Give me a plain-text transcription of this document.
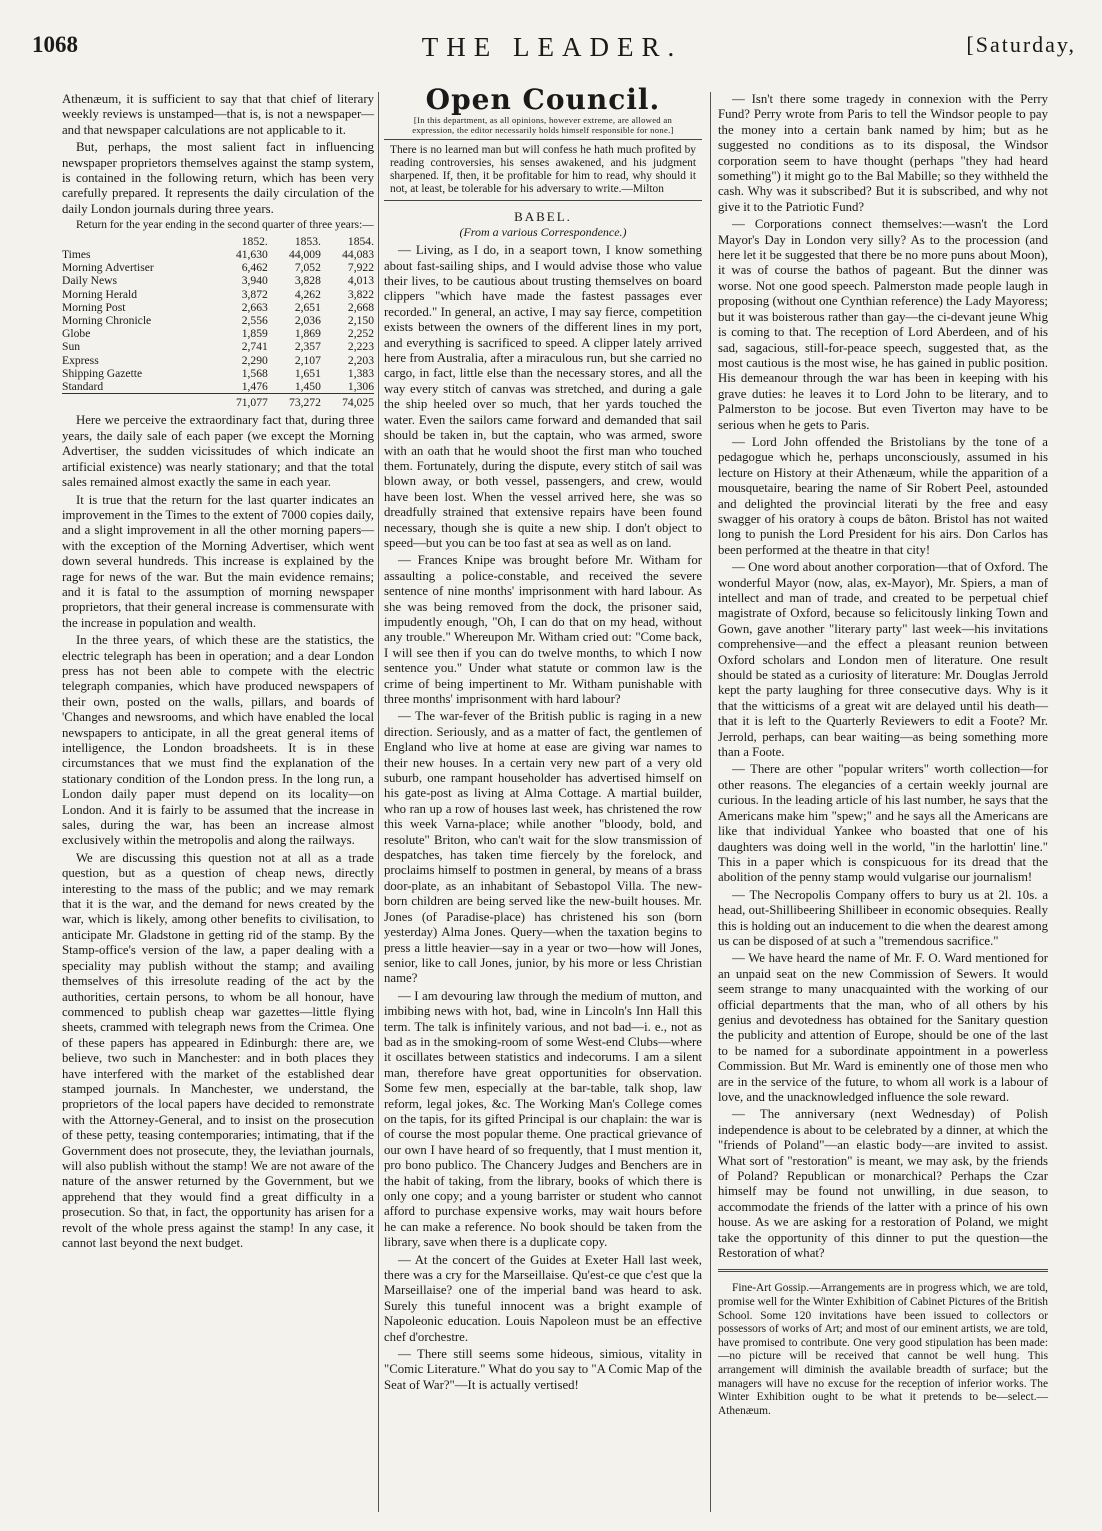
1068	THE LEADER.	[Saturday,

Athenæum, it is sufficient to say that that chief of literary weekly reviews is unstamped—that is, is not a newspaper—and that newspaper calculations are not applicable to it.

But, perhaps, the most salient fact in influencing newspaper proprietors themselves against the stamp system, is contained in the following return, which has been very carefully prepared. It represents the daily circulation of the daily London journals during three years.

Return for the year ending in the second quarter of three years:—

	1852.	1853.	1854.
Times	41,630	44,009	44,083
Morning Advertiser	6,462	7,052	7,922
Daily News	3,940	3,828	4,013
Morning Herald	3,872	4,262	3,822
Morning Post	2,663	2,651	2,668
Morning Chronicle	2,556	2,036	2,150
Globe	1,859	1,869	2,252
Sun	2,741	2,357	2,223
Express	2,290	2,107	2,203
Shipping Gazette	1,568	1,651	1,383
Standard	1,476	1,450	1,306
	71,077	73,272	74,025

Here we perceive the extraordinary fact that, during three years, the daily sale of each paper (we except the Morning Advertiser, the sudden vicissitudes of which indicate an artificial existence) was nearly stationary; and that the total sales remained almost exactly the same in each year.

It is true that the return for the last quarter indicates an improvement in the Times to the extent of 7000 copies daily, and a slight improvement in all the other morning papers—with the exception of the Morning Advertiser, which went down several hundreds. This increase is explained by the rage for news of the war. But the main evidence remains; and it is fatal to the assumption of morning newspaper proprietors, that their general increase is commensurate with the increase in population and wealth.

In the three years, of which these are the statistics, the electric telegraph has been in operation; and a dear London press has not been able to compete with the electric telegraph companies, which have produced newspapers of their own, posted on the walls, pillars, and boards of 'Changes and newsrooms, and which have enabled the local newspapers to anticipate, in all the great general items of intelligence, the London broadsheets. It is in these circumstances that we must find the explanation of the stationary condition of the London press. In the long run, a London daily paper must depend on its locality—on London. And it is fairly to be assumed that the increase in sales, during the war, has been an increase almost exclusively within the metropolis and along the railways.

We are discussing this question not at all as a trade question, but as a question of cheap news, directly interesting to the mass of the public; and we may remark that it is the war, and the demand for news created by the war, which is likely, among other benefits to civilisation, to anticipate Mr. Gladstone in getting rid of the stamp. By the Stamp-office's version of the law, a paper dealing with a speciality may publish without the stamp; and availing themselves of this irresolute reading of the act by the authorities, certain persons, to whom be all honour, have commenced to publish cheap war gazettes—little flying sheets, crammed with telegraph news from the Crimea. One of these papers has appeared in Edinburgh: there are, we believe, two such in Manchester: and in both places they have interfered with the market of the established dear stamped journals. In Manchester, we understand, the proprietors of the local papers have decided to remonstrate with the Attorney-General, and to insist on the prosecution of these petty, teasing contemporaries; intimating, that if the Government does not prosecute, they, the leviathan journals, will also publish without the stamp! We are not aware of the nature of the answer returned by the Government, but we apprehend that they would find a great difficulty in a prosecution. So that, in fact, the opportunity has arisen for a revolt of the whole press against the stamp! In any case, it cannot last beyond the next budget.

Open Council.
[In this department, as all opinions, however extreme, are allowed an expression, the editor necessarily holds himself responsible for none.]
There is no learned man but will confess he hath much profited by reading controversies, his senses awakened, and his judgment sharpened. If, then, it be profitable for him to read, why should it not, at least, be tolerable for his adversary to write.—Milton
BABEL.
(From a various Correspondence.)

— Living, as I do, in a seaport town, I know something about fast-sailing ships, and I would advise those who value their lives, to be cautious about trusting themselves on board clippers "which have made the fastest passages ever recorded." In general, an active, I may say fierce, competition exists between the owners of the different lines in my port, and everything is sacrificed to speed. A clipper lately arrived here from Australia, after a miraculous run, but she carried no cargo, in fact, little else than the necessary stores, and all the way every stitch of canvas was stretched, and during a gale the ship heeled over so much, that her yards touched the water. Even the sailors came forward and demanded that sail should be taken in, but the captain, who was armed, swore with an oath that he would shoot the first man who touched them. Fortunately, during the dispute, every stitch of sail was blown away, or both vessel, passengers, and crew, would have been lost. When the vessel arrived here, she was so dreadfully strained that extensive repairs have been found necessary, though she is quite a new ship. I don't object to speed—but you can be too fast at sea as well as on land.

— Frances Knipe was brought before Mr. Witham for assaulting a police-constable, and received the severe sentence of nine months' imprisonment with hard labour. As she was being removed from the dock, the prisoner said, impudently enough, "Oh, I can do that on my head, without any trouble." Whereupon Mr. Witham cried out: "Come back, I will see then if you can do twelve months, to which I now sentence you." Under what statute or common law is the crime of being impertinent to Mr. Witham punishable with three months' imprisonment with hard labour?

— The war-fever of the British public is raging in a new direction. Seriously, and as a matter of fact, the gentlemen of England who live at home at ease are giving war names to their new houses. In a certain very new part of a very old suburb, one rampant householder has advertised himself on his gate-post as living at Alma Cottage. A martial builder, who ran up a row of houses last week, has christened the row this week Varna-place; while another "bloody, bold, and resolute" Briton, who can't wait for the slow transmission of despatches, has taken time fiercely by the forelock, and proclaims himself to postmen in general, by means of a brass door-plate, as an inhabitant of Sebastopol Villa. The new-born children are being served like the new-built houses. Mr. Jones (of Paradise-place) has christened his son (born yesterday) Alma Jones. Query—when the taxation begins to press a little heavier—say in a year or two—how will Jones, senior, like to call Jones, junior, by his more or less Christian name?

— I am devouring law through the medium of mutton, and imbibing news with hot, bad, wine in Lincoln's Inn Hall this term. The talk is infinitely various, and not bad—i. e., not as bad as in the smoking-room of some West-end Clubs—where it oscillates between statistics and indecorums. I am a silent man, therefore have great opportunities for observation. Some few men, especially at the bar-table, talk shop, law reform, legal jokes, &c. The Working Man's College comes on the tapis, for its gifted Principal is our chaplain: the war is of course the most popular theme. One practical grievance of our own I have heard of so frequently, that I must mention it, pro bono publico. The Chancery Judges and Benchers are in the habit of taking, from the library, books of which there is only one copy; and a young barrister or student who cannot afford to purchase expensive works, may wait hours before he can make a reference. No book should be taken from the library, save when there is a duplicate copy.

— At the concert of the Guides at Exeter Hall last week, there was a cry for the Marseillaise. Qu'est-ce que c'est que la Marseillaise? one of the imperial band was heard to ask. Surely this tuneful innocent was a bright example of Napoleonic education. Louis Napoleon must be an effective chef d'orchestre.

— There still seems some hideous, simious, vitality in "Comic Literature." What do you say to "A Comic Map of the Seat of War?"—It is actually vertised!

— Isn't there some tragedy in connexion with the Perry Fund? Perry wrote from Paris to tell the Windsor people to pay the money into a certain bank named by him; but as he suggested no conditions as to its disposal, the Windsor corporation seem to have thought (perhaps "they had heard something") it might go to the Bal Mabille; so they withheld the cash. Why was it subscribed? But it is subscribed, and why not give it to the Patriotic Fund?

— Corporations connect themselves:—wasn't the Lord Mayor's Day in London very silly? As to the procession (and here let it be suggested that there be no more puns about Moon), it was of course the bathos of pageant. But the dinner was worse. Not one good speech. Palmerston made people laugh in proposing (without one Cynthian reference) the Lady Mayoress; but it was boisterous rather than gay—the ci-devant jeune Whig is coming to that. The reception of Lord Aberdeen, and of his sad, sagacious, still-for-peace speech, suggested that, as the most cautious is the most wise, he has gained in public position. His demeanour through the war has been in keeping with his grave duties: he leaves it to Lord John to be literary, and to Palmerston to be jocose. But even Tiverton may have to be serious when he gets to Paris.

— Lord John offended the Bristolians by the tone of a pedagogue which he, perhaps unconsciously, assumed in his lecture on History at their Athenæum, while the apparition of a mousquetaire, bearing the name of Sir Robert Peel, astounded and delighted the provincial literati by the free and easy swagger of his oratory à coups de bâton. Bristol has not waited long to punish the Lord President for his airs. Don Carlos has been performed at the theatre in that city!

— One word about another corporation—that of Oxford. The wonderful Mayor (now, alas, ex-Mayor), Mr. Spiers, a man of intellect and man of trade, and created to be perpetual chief magistrate of Oxford, because so felicitously linking Town and Gown, gave another "literary party" last week—his invitations comprehensive—and the effect a pleasant reunion between Oxford scholars and London men of literature. One result should be stated as a curiosity of literature: Mr. Douglas Jerrold kept the party laughing for three consecutive days. Why is it that the witticisms of a great wit are delayed until his death—that it is left to the Quarterly Reviewers to edit a Foote? Mr. Jerrold, perhaps, can bear waiting—as being something more than a Foote.

— There are other "popular writers" worth collection—for other reasons. The elegancies of a certain weekly journal are curious. In the leading article of his last number, he says that the Americans make him "spew;" and he says all the Americans are like that individual Yankee who boasted that one of his daughters was doing well in the world, "in the harlottin' line." This in a paper which is conspicuous for its dread that the abolition of the penny stamp would vulgarise our journalism!

— The Necropolis Company offers to bury us at 2l. 10s. a head, out-Shillibeering Shillibeer in economic obsequies. Really this is holding out an inducement to die when the dearest among us can be disposed of at such a "tremendous sacrifice."

— We have heard the name of Mr. F. O. Ward mentioned for an unpaid seat on the new Commission of Sewers. It would seem strange to many unacquainted with the working of our official departments that the man, who of all others by his genius and devotedness has obtained for the Sanitary question the publicity and attention of Europe, should be one of the last to be named for a subordinate appointment in a powerless Commission. But Mr. Ward is eminently one of those men who are in the service of the future, to whom all work is a labour of love, and the unacknowledged influence the sole reward.

— The anniversary (next Wednesday) of Polish independence is about to be celebrated by a dinner, at which the "friends of Poland"—an elastic body—are invited to assist. What sort of "restoration" is meant, we may ask, by the friends of Poland? Republican or monarchical? Perhaps the Czar himself may be found not unwilling, in due season, to accommodate the friends of the latter with a prince of his own house. As we are asking for a restoration of Poland, we might take the opportunity of this dinner to put the question—the Restoration of what?

Fine-Art Gossip.—Arrangements are in progress which, we are told, promise well for the Winter Exhibition of Cabinet Pictures of the British School. Some 120 invitations have been issued to collectors or possessors of works of Art; and most of our eminent artists, we are told, have promised to contribute. One very good stipulation has been made:—no picture will be received that cannot be well hung. This arrangement will diminish the available breadth of surface; but the managers will have no excuse for the reception of inferior works. The Winter Exhibition ought to be what it pretends to be—select.—Athenæum.
